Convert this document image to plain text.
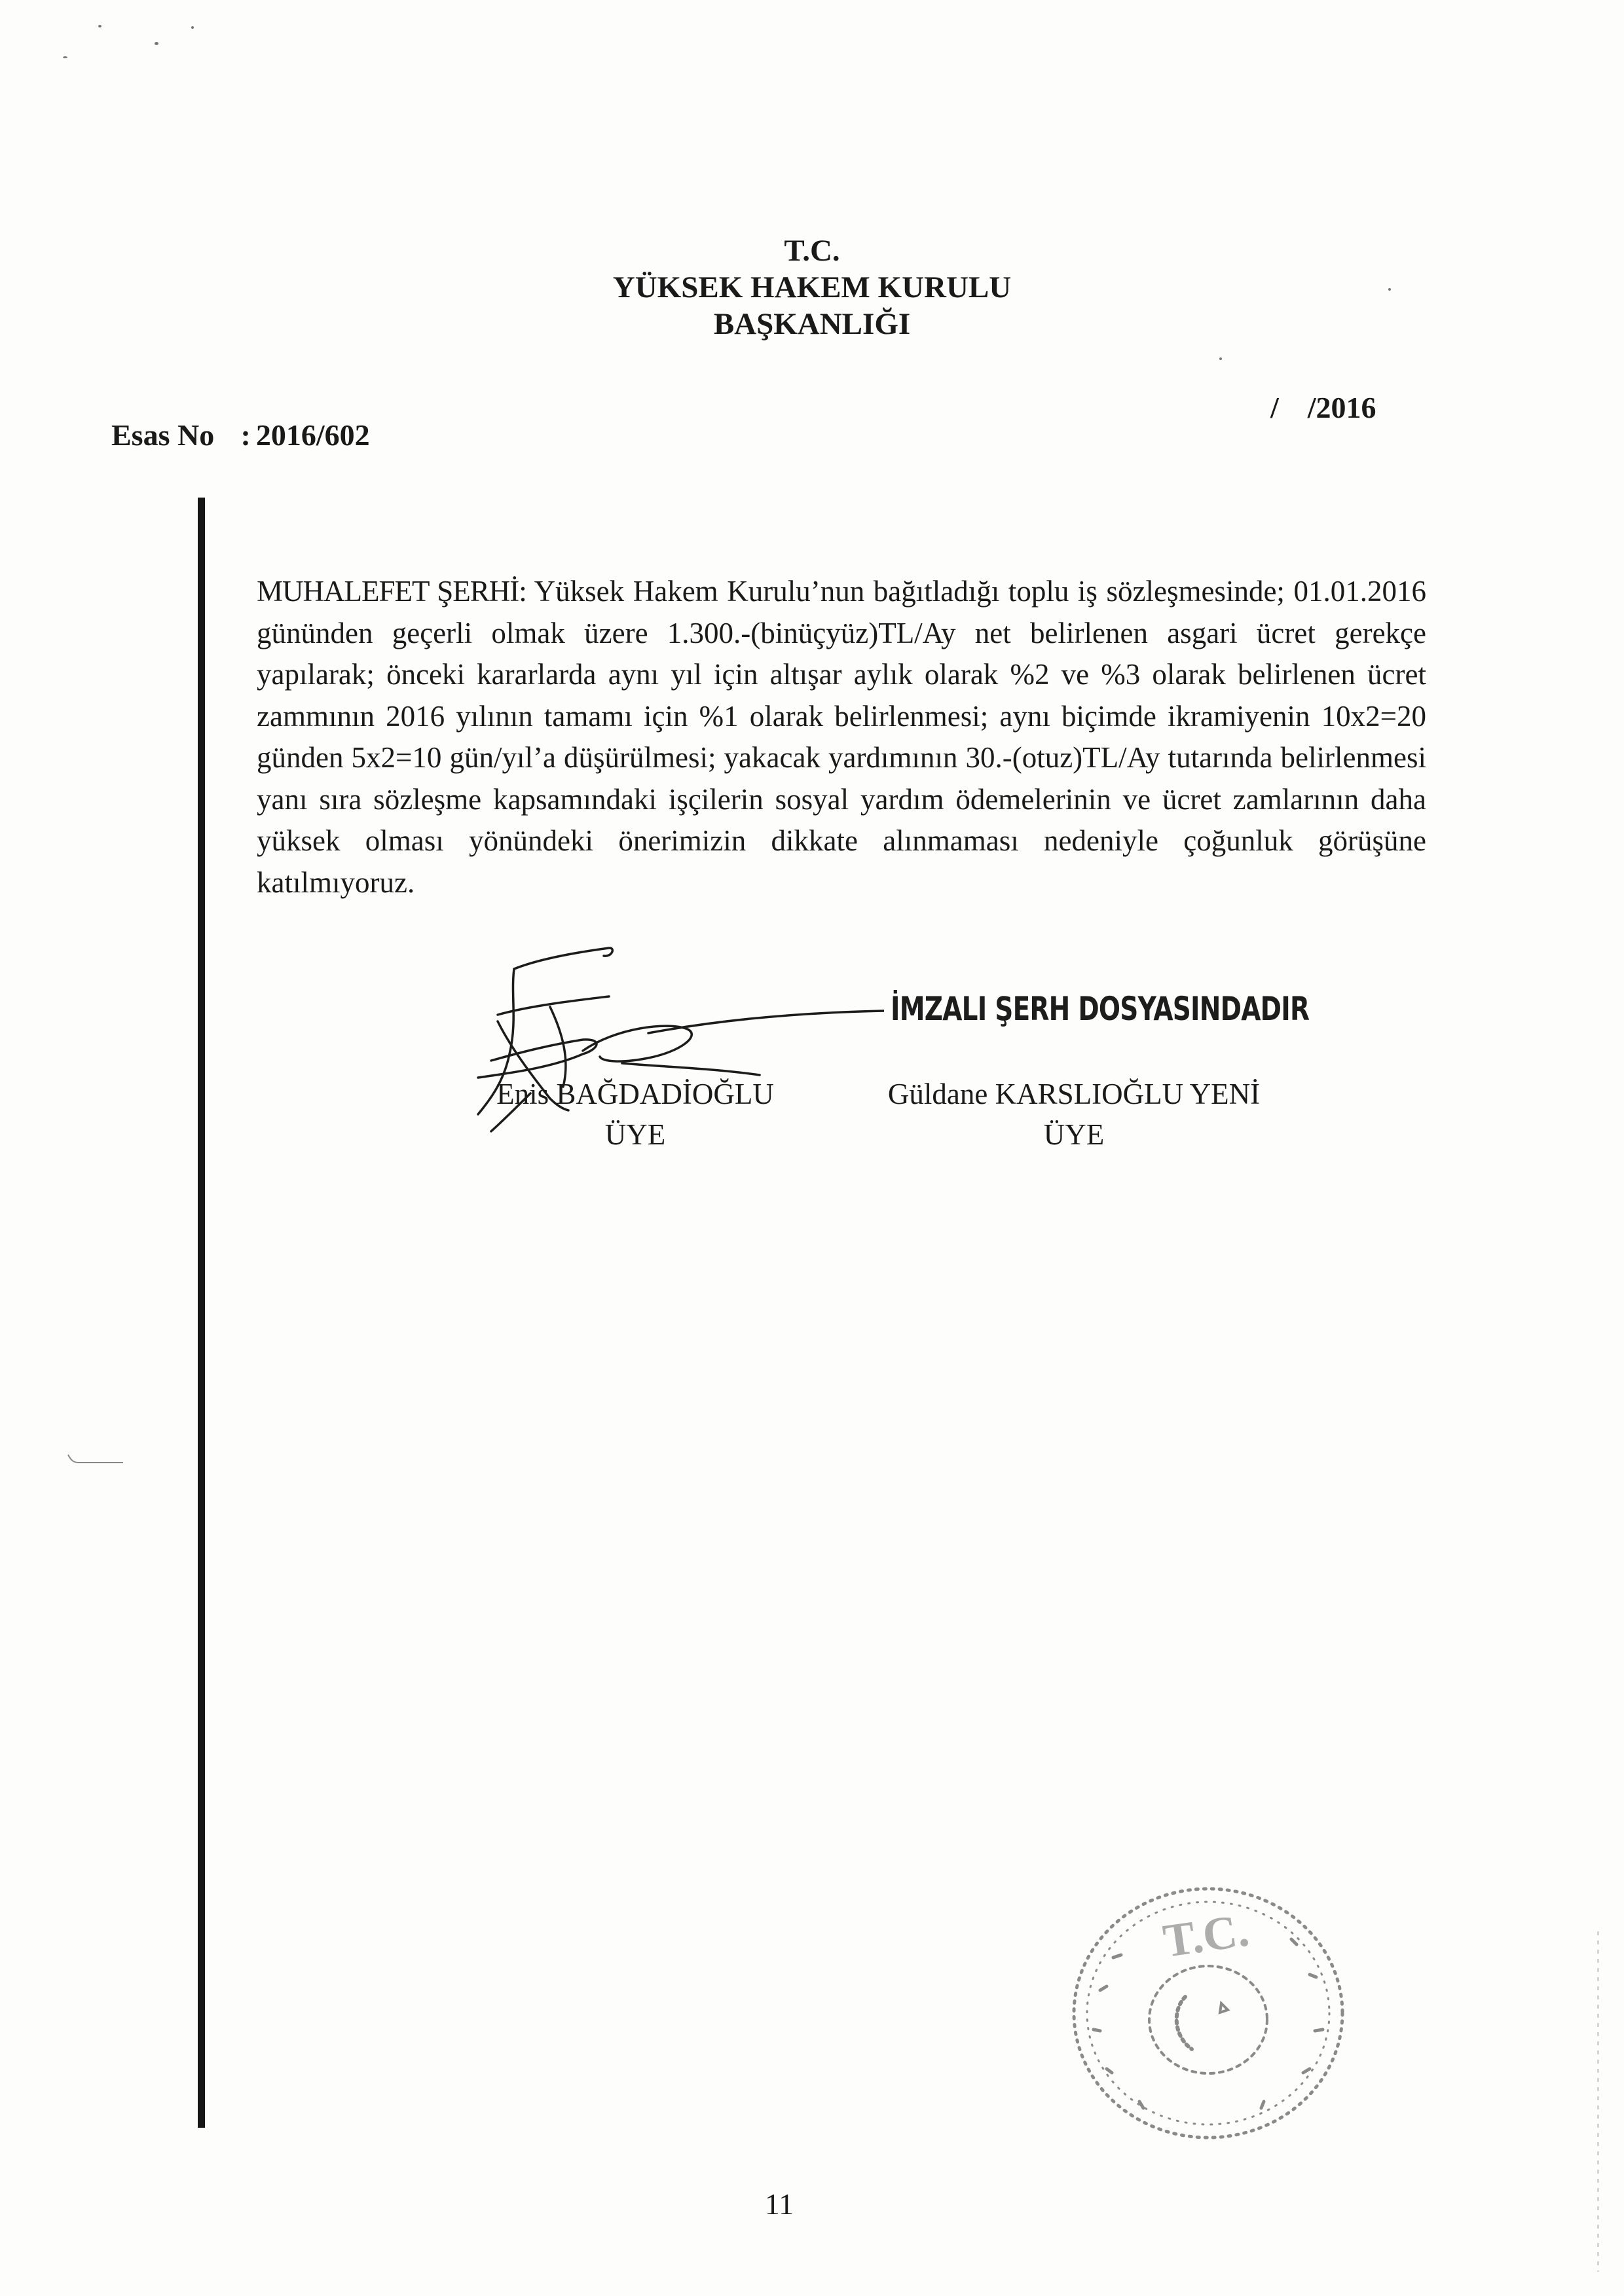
T.C.
YÜKSEK HAKEM KURULU
BAŞKANLIĞI
/ /2016
Esas No : 2016/602
MUHALEFET ŞERHİ: Yüksek Hakem Kurulu’nun bağıtladığı toplu iş sözleşmesinde; 01.01.2016 gününden geçerli olmak üzere 1.300.-(binüçyüz)TL/Ay net belirlenen asgari ücret gerekçe yapılarak; önceki kararlarda aynı yıl için altışar aylık olarak %2 ve %3 olarak belirlenen ücret zammının 2016 yılının tamamı için %1 olarak belirlenmesi; aynı biçimde ikramiyenin 10x2=20 günden 5x2=10 gün/yıl’a düşürülmesi; yakacak yardımının 30.-(otuz)TL/Ay tutarında belirlenmesi yanı sıra sözleşme kapsamındaki işçilerin sosyal yardım ödemelerinin ve ücret zamlarının daha yüksek olması yönündeki önerimizin dikkate alınmaması nedeniyle çoğunluk görüşüne katılmıyoruz.
İMZALI ŞERH DOSYASINDADIR
Enis BAĞDADİOĞLU
ÜYE
Güldane KARSLIOĞLU YENİ
ÜYE
T.C.
11
